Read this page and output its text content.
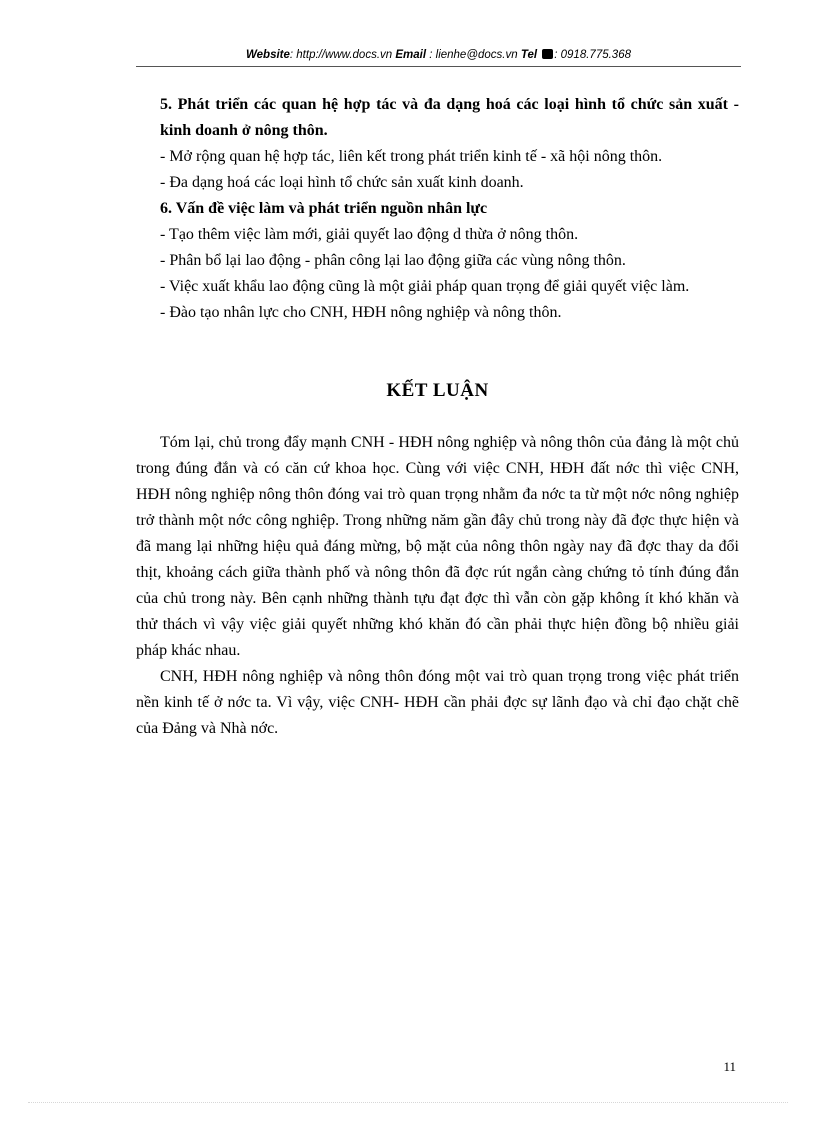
Website: http://www.docs.vn Email : lienhe@docs.vn Tel : 0918.775.368

5. Phát triển các quan hệ hợp tác và đa dạng hoá các loại hình tổ chức sản xuất - kinh doanh ở nông thôn.

- Mở rộng quan hệ hợp tác, liên kết trong phát triển kinh tế - xã hội nông thôn.

- Đa dạng hoá các loại hình tổ chức sản xuất kinh doanh.

6. Vấn đề việc làm và phát triển nguồn nhân lực

- Tạo thêm việc làm mới, giải quyết lao động d thừa ở nông thôn.

- Phân bổ lại lao động - phân công lại lao động giữa các vùng nông thôn.

- Việc xuất khẩu lao động cũng là một giải pháp quan trọng để giải quyết việc làm.

- Đào tạo nhân lực cho CNH, HĐH nông nghiệp và nông thôn.

KẾT LUẬN

Tóm lại, chủ trong đẩy mạnh CNH - HĐH nông nghiệp và nông thôn của đảng là một chủ trong đúng đắn và có căn cứ khoa học. Cùng với việc CNH, HĐH đất nớc thì việc CNH, HĐH nông nghiệp nông thôn đóng vai trò quan trọng nhằm đa nớc ta từ một nớc nông nghiệp trở thành một nớc công nghiệp. Trong những năm gần đây chủ trong này đã đợc thực hiện và đã mang lại những hiệu quả đáng mừng, bộ mặt của nông thôn ngày nay đã đợc thay da đổi thịt, khoảng cách giữa thành phố và nông thôn đã đợc rút ngắn càng chứng tỏ tính đúng đắn của chủ trong này. Bên cạnh những thành tựu đạt đợc thì vẫn còn gặp không ít khó khăn và thử thách vì vậy việc giải quyết những khó khăn đó cần phải thực hiện đồng bộ nhiều giải pháp khác nhau.

CNH, HĐH nông nghiệp và nông thôn đóng một vai trò quan trọng trong việc phát triển nền kinh tế ở nớc ta. Vì vậy, việc CNH- HĐH cần phải đợc sự lãnh đạo và chỉ đạo chặt chẽ của Đảng và Nhà nớc.

11
